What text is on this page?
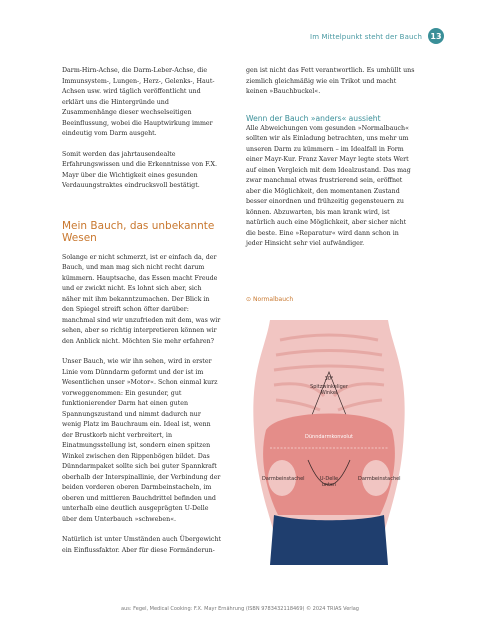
Im Mittelpunkt steht der Bauch	13

Darm-Hirn-Achse, die Darm-Leber-Achse, die Immunsystem-, Lungen-, Herz-, Gelenks-, Haut-Achsen usw. wird täglich veröffentlicht und erklärt uns die Hintergründe und Zusammenhänge dieser wechselseitigen Beeinflussung, wobei die Hauptwirkung immer eindeutig vom Darm ausgeht.

Somit werden das jahrtausendealte Erfahrungswissen und die Erkenntnisse von F.X. Mayr über die Wichtigkeit eines gesunden Verdauungstraktes eindrucksvoll bestätigt.

Mein Bauch, das unbekannte Wesen

Solange er nicht schmerzt, ist er einfach da, der Bauch, und man mag sich nicht recht darum kümmern. Hauptsache, das Essen macht Freude und er zwickt nicht. Es lohnt sich aber, sich näher mit ihm bekanntzumachen. Der Blick in den Spiegel streift schon öfter darüber: manchmal sind wir unzufrieden mit dem, was wir sehen, aber so richtig interpretieren können wir den Anblick nicht. Möchten Sie mehr erfahren?

Unser Bauch, wie wir ihn sehen, wird in erster Linie vom Dünndarm geformt und der ist im Wesentlichen unser »Motor«. Schon einmal kurz vorweggenommen: Ein gesunder, gut funktionierender Darm hat einen guten Spannungszustand und nimmt dadurch nur wenig Platz im Bauchraum ein. Ideal ist, wenn der Brustkorb nicht verbreitert, in Einatmungsstellung ist, sondern einen spitzen Winkel zwischen den Rippenbögen bildet. Das Dünndarmpaket sollte sich bei guter Spannkraft oberhalb der Interspinallinie, der Verbindung der beiden vorderen oberen Darmbeinstacheln, im oberen und mittleren Bauchdrittel befinden und unterhalb eine deutlich ausgeprägten U-Delle über dem Unterbauch »schweben«.

Natürlich ist unter Umständen auch Übergewicht ein Einflussfaktor. Aber für diese Formänderun-

gen ist nicht das Fett verantwortlich. Es umhüllt uns ziemlich gleichmäßig wie ein Trikot und macht keinen »Bauchbuckel«.

Wenn der Bauch »anders« aussieht

Alle Abweichungen vom gesunden »Normalbauch« sollten wir als Einladung betrachten, uns mehr um unseren Darm zu kümmern – im Idealfall in Form einer Mayr-Kur. Franz Xaver Mayr legte stets Wert auf einen Vergleich mit dem Idealzustand. Das mag zwar manchmal etwas frustrierend sein, eröffnet aber die Möglichkeit, den momentanen Zustand besser einordnen und frühzeitig gegensteuern zu können. Abzuwarten, bis man krank wird, ist natürlich auch eine Möglichkeit, aber sicher nicht die beste. Eine »Reparatur« wird dann schon in jeder Hinsicht sehr viel aufwändiger.

⊙ Normalbauch
30°
Spitzwinkeliger Winkel
Dünndarmkonvolut
Darmbeinstachel	U-Delle unten
Darmbeinstachel
aus: Fegel, Medical Cooking: F.X. Mayr Ernährung (ISBN 9783432118469) © 2024 TRIAS Verlag
